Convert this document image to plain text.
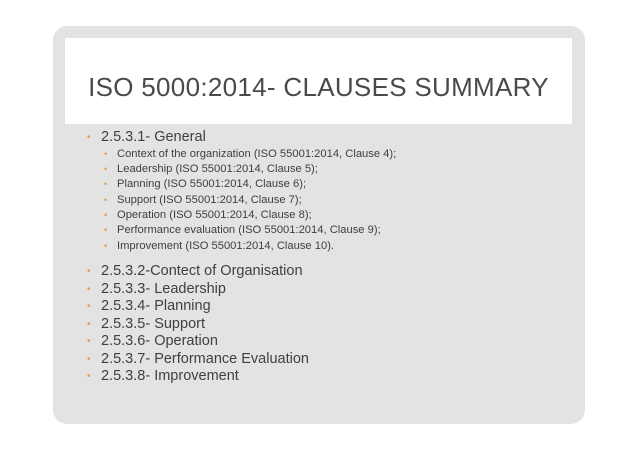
ISO 5000:2014- CLAUSES SUMMARY
• 2.5.3.1- General
• Context of the organization (ISO 55001:2014, Clause 4);
• Leadership (ISO 55001:2014, Clause 5);
• Planning (ISO 55001:2014, Clause 6);
• Support (ISO 55001:2014, Clause 7);
• Operation (ISO 55001:2014, Clause 8);
• Performance evaluation (ISO 55001:2014, Clause 9);
• Improvement (ISO 55001:2014, Clause 10).
• 2.5.3.2-Contect of Organisation
• 2.5.3.3- Leadership
• 2.5.3.4- Planning
• 2.5.3.5- Support
• 2.5.3.6- Operation
• 2.5.3.7- Performance Evaluation
• 2.5.3.8- Improvement
